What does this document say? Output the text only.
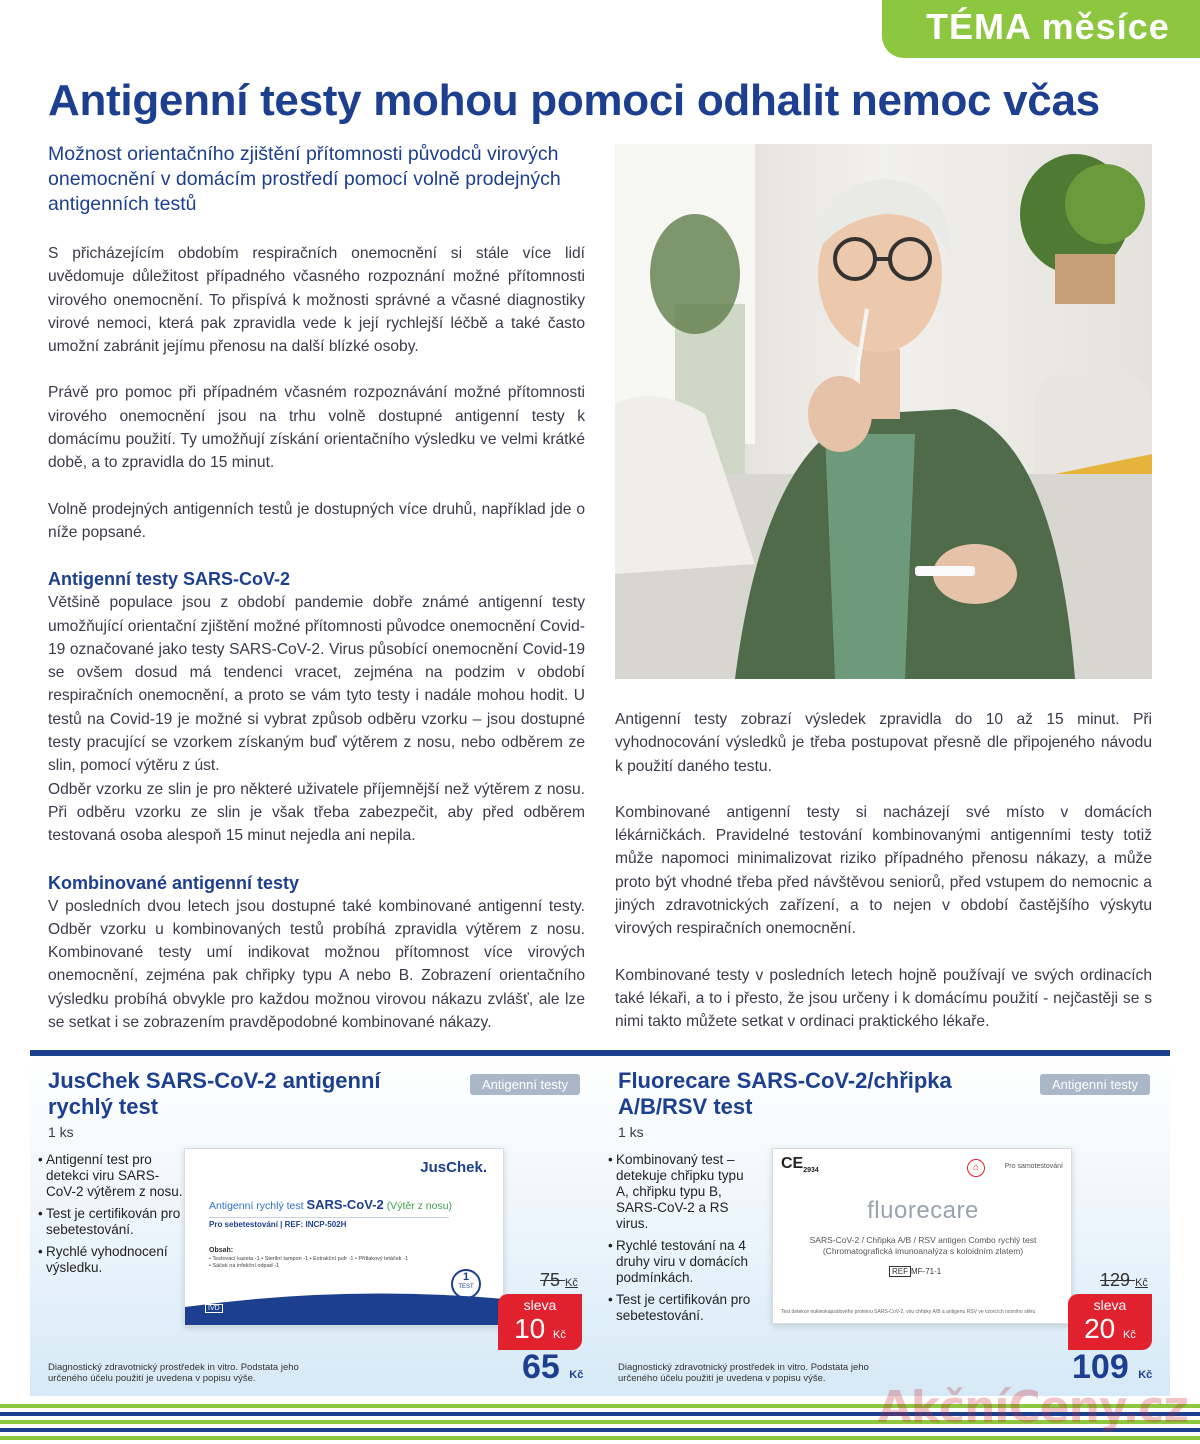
TÉMA měsíce
Antigenní testy mohou pomoci odhalit nemoc včas
Možnost orientačního zjištění přítomnosti původců virových onemocnění v domácím prostředí pomocí volně prodejných antigenních testů

S přicházejícím obdobím respiračních onemocnění si stále více lidí uvědomuje důležitost případného včasného rozpoznání možné přítomnosti virového onemocnění. To přispívá k možnosti správné a včasné diagnostiky virové nemoci, která pak zpravidla vede k její rychlejší léčbě a také často umožní zabránit jejímu přenosu na další blízké osoby.

Právě pro pomoc při případném včasném rozpoznávání možné přítomnosti virového onemocnění jsou na trhu volně dostupné antigenní testy k domácímu použití. Ty umožňují získání orientačního výsledku ve velmi krátké době, a to zpravidla do 15 minut.

Volně prodejných antigenních testů je dostupných více druhů, například jde o níže popsané.

Antigenní testy SARS-CoV-2

Většině populace jsou z období pandemie dobře známé antigenní testy umožňující orientační zjištění možné přítomnosti původce onemocnění Covid-19 označované jako testy SARS-CoV-2. Virus působící onemocnění Covid-19 se ovšem dosud má tendenci vracet, zejména na podzim v období respiračních onemocnění, a proto se vám tyto testy i nadále mohou hodit. U testů na Covid-19 je možné si vybrat způsob odběru vzorku – jsou dostupné testy pracující se vzorkem získaným buď výtěrem z nosu, nebo odběrem ze slin, pomocí výtěru z úst.

Odběr vzorku ze slin je pro některé uživatele příjemnější než výtěrem z nosu. Při odběru vzorku ze slin je však třeba zabezpečit, aby před odběrem testovaná osoba alespoň 15 minut nejedla ani nepila.

Kombinované antigenní testy

V posledních dvou letech jsou dostupné také kombinované antigenní testy. Odběr vzorku u kombinovaných testů probíhá zpravidla výtěrem z nosu. Kombinované testy umí indikovat možnou přítomnost více virových onemocnění, zejména pak chřipky typu A nebo B. Zobrazení orientačního výsledku probíhá obvykle pro každou možnou virovou nákazu zvlášť, ale lze se setkat i se zobrazením pravděpodobné kombinované nákazy.

Antigenní testy zobrazí výsledek zpravidla do 10 až 15 minut. Při vyhodnocování výsledků je třeba postupovat přesně dle připojeného návodu k použití daného testu.

Kombinované antigenní testy si nacházejí své místo v domácích lékárničkách. Pravidelné testování kombinovanými antigenními testy totiž může napomoci minimalizovat riziko případného přenosu nákazy, a může proto být vhodné třeba před návštěvou seniorů, před vstupem do nemocnic a jiných zdravotnických zařízení, a to nejen v období častějšího výskytu virových respiračních onemocnění.

Kombinované testy v posledních letech hojně používají ve svých ordinacích také lékaři, a to i přesto, že jsou určeny i k domácímu použití - nejčastěji se s nimi takto můžete setkat v ordinaci praktického lékaře.

JusChek SARS-CoV-2 antigenní rychlý test
1 ks
Antigenní testy
• Antigenní test pro detekci viru SARS-CoV-2 výtěrem z nosu.
• Test je certifikován pro sebetestování.
• Rychlé vyhodnocení výsledku.
JusChek.
Antigenní rychlý test SARS-CoV-2 (Výtěr z nosu)
Pro sebetestování | REF: INCP-502H
Obsah:
• Testovací kazeta -1 • Sterilní tampon -1 • Extrakční pufr -1 • Přítlakový letáček -1 • Sáček na infekční odpad -1
1
TEST
IVD
75 Kč
sleva
10 Kč
65 Kč
Diagnostický zdravotnický prostředek in vitro. Podstata jeho určeného účelu použití je uvedena v popisu výše.
Fluorecare SARS-CoV-2/chřipka A/B/RSV test
1 ks
Antigenní testy
• Kombinovaný test – detekuje chřipku typu A, chřipku typu B, SARS-CoV-2 a RS virus.
• Rychlé testování na 4 druhy viru v domácích podmínkách.
• Test je certifikován pro sebetestování.
$CE_{2934}$	⌂	Pro samotestování
fluorecare
SARS-CoV-2 / Chřipka A/B / RSV antigen Combo rychlý test
(Chromatografická imunoanalýza s koloidním zlatem)
REF MF-71-1
Test detekce nukleokapsidového proteinu SARS-CoV-2, viru chřipky A/B a antigenu RSV ve vzorcích nosního stěru
129 Kč
sleva
20 Kč
109 Kč
Diagnostický zdravotnický prostředek in vitro. Podstata jeho určeného účelu použití je uvedena v popisu výše.
AkčníCeny.cz
